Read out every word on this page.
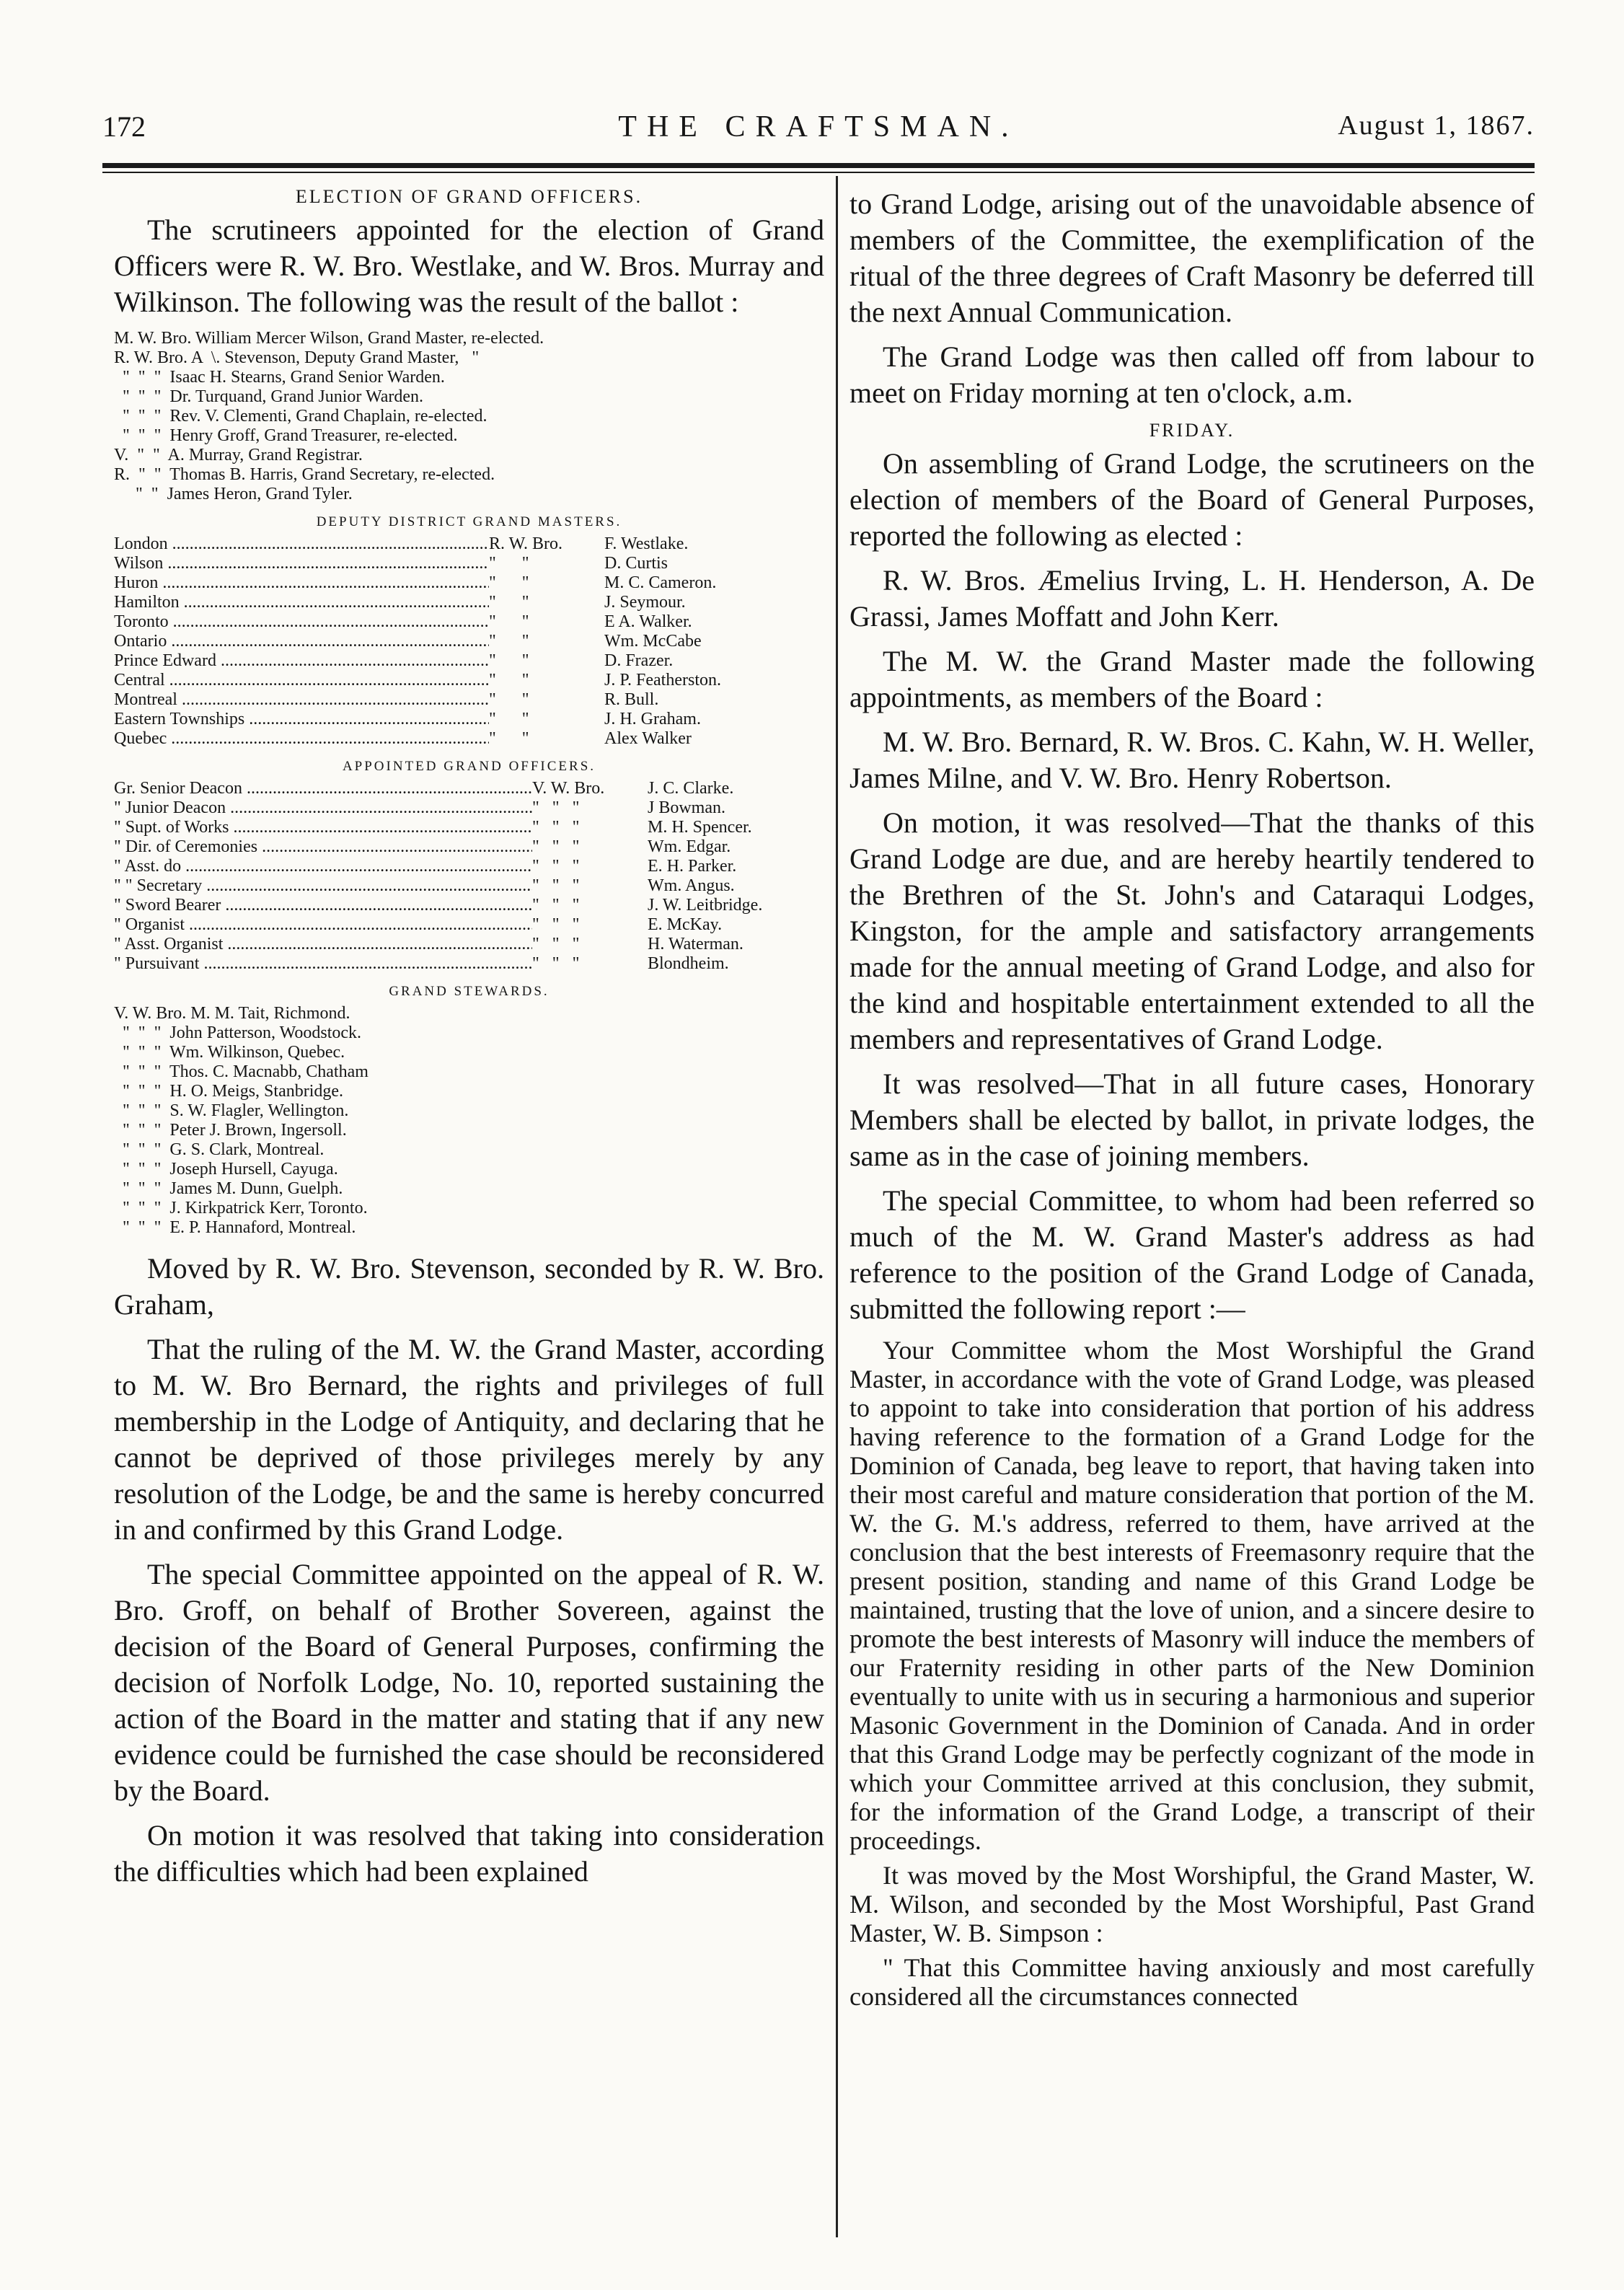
172	THE CRAFTSMAN.	August 1, 1867.
ELECTION OF GRAND OFFICERS.

The scrutineers appointed for the election of Grand Officers were R. W. Bro. Westlake, and W. Bros. Murray and Wilkinson. The following was the result of the ballot :

M. W. Bro. William Mercer Wilson, Grand Master, re-elected.
R. W. Bro. A  \. Stevenson, Deputy Grand Master,   "
"  "  "  Isaac H. Stearns, Grand Senior Warden.
"  "  "  Dr. Turquand, Grand Junior Warden.
"  "  "  Rev. V. Clementi, Grand Chaplain, re-elected.
"  "  "  Henry Groff, Grand Treasurer, re-elected.
V.  "  "  A. Murray, Grand Registrar.
R.  "  "  Thomas B. Harris, Grand Secretary, re-elected.
"  "  James Heron, Grand Tyler.
DEPUTY DISTRICT GRAND MASTERS.
London .....	R. W. Bro.	F. Westlake.
Wilson .....	"      "	D. Curtis
Huron .....	"      "	M. C. Cameron.
Hamilton .....	"      "	J. Seymour.
Toronto .....	"      "	E A. Walker.
Ontario .....	"      "	Wm. McCabe
Prince Edward .....	"      "	D. Frazer.
Central .....	"      "	J. P. Featherston.
Montreal .....	"      "	R. Bull.
Eastern Townships .....	"      "	J. H. Graham.
Quebec .....	"      "	Alex Walker
APPOINTED GRAND OFFICERS.
Gr. Senior Deacon .....	V. W. Bro.	J. C. Clarke.
" Junior Deacon .....	"   "   "	J Bowman.
" Supt. of Works .....	"   "   "	M. H. Spencer.
" Dir. of Ceremonies .....	"   "   "	Wm. Edgar.
" Asst. do .....	"   "   "	E. H. Parker.
" " Secretary .....	"   "   "	Wm. Angus.
" Sword Bearer .....	"   "   "	J. W. Leitbridge.
" Organist .....	"   "   "	E. McKay.
" Asst. Organist .....	"   "   "	H. Waterman.
" Pursuivant .....	"   "   "	Blondheim.
GRAND STEWARDS.
V. W. Bro. M. M. Tait, Richmond.
"  "  "  John Patterson, Woodstock.
"  "  "  Wm. Wilkinson, Quebec.
"  "  "  Thos. C. Macnabb, Chatham
"  "  "  H. O. Meigs, Stanbridge.
"  "  "  S. W. Flagler, Wellington.
"  "  "  Peter J. Brown, Ingersoll.
"  "  "  G. S. Clark, Montreal.
"  "  "  Joseph Hursell, Cayuga.
"  "  "  James M. Dunn, Guelph.
"  "  "  J. Kirkpatrick Kerr, Toronto.
"  "  "  E. P. Hannaford, Montreal.

Moved by R. W. Bro. Stevenson, seconded by R. W. Bro. Graham,

That the ruling of the M. W. the Grand Master, according to M. W. Bro Bernard, the rights and privileges of full membership in the Lodge of Antiquity, and declaring that he cannot be deprived of those privileges merely by any resolution of the Lodge, be and the same is hereby concurred in and confirmed by this Grand Lodge.

The special Committee appointed on the appeal of R. W. Bro. Groff, on behalf of Brother Sovereen, against the decision of the Board of General Purposes, confirming the decision of Norfolk Lodge, No. 10, reported sustaining the action of the Board in the matter and stating that if any new evidence could be furnished the case should be reconsidered by the Board.

On motion it was resolved that taking into consideration the difficulties which had been explained

to Grand Lodge, arising out of the unavoidable absence of members of the Committee, the exemplification of the ritual of the three degrees of Craft Masonry be deferred till the next Annual Communication.

The Grand Lodge was then called off from labour to meet on Friday morning at ten o'clock, a.m.

FRIDAY.

On assembling of Grand Lodge, the scrutineers on the election of members of the Board of General Purposes, reported the following as elected :

R. W. Bros. Æmelius Irving, L. H. Henderson, A. De Grassi, James Moffatt and John Kerr.

The M. W. the Grand Master made the following appointments, as members of the Board :

M. W. Bro. Bernard, R. W. Bros. C. Kahn, W. H. Weller, James Milne, and V. W. Bro. Henry Robertson.

On motion, it was resolved—That the thanks of this Grand Lodge are due, and are hereby heartily tendered to the Brethren of the St. John's and Cataraqui Lodges, Kingston, for the ample and satisfactory arrangements made for the annual meeting of Grand Lodge, and also for the kind and hospitable entertainment extended to all the members and representatives of Grand Lodge.

It was resolved—That in all future cases, Honorary Members shall be elected by ballot, in private lodges, the same as in the case of joining members.

The special Committee, to whom had been referred so much of the M. W. Grand Master's address as had reference to the position of the Grand Lodge of Canada, submitted the following report :—

Your Committee whom the Most Worshipful the Grand Master, in accordance with the vote of Grand Lodge, was pleased to appoint to take into consideration that portion of his address having reference to the formation of a Grand Lodge for the Dominion of Canada, beg leave to report, that having taken into their most careful and mature consideration that portion of the M. W. the G. M.'s address, referred to them, have arrived at the conclusion that the best interests of Freemasonry require that the present position, standing and name of this Grand Lodge be maintained, trusting that the love of union, and a sincere desire to promote the best interests of Masonry will induce the members of our Fraternity residing in other parts of the New Dominion eventually to unite with us in securing a harmonious and superior Masonic Government in the Dominion of Canada. And in order that this Grand Lodge may be perfectly cognizant of the mode in which your Committee arrived at this conclusion, they submit, for the information of the Grand Lodge, a transcript of their proceedings.

It was moved by the Most Worshipful, the Grand Master, W. M. Wilson, and seconded by the Most Worshipful, Past Grand Master, W. B. Simpson :

" That this Committee having anxiously and most carefully considered all the circumstances connected
